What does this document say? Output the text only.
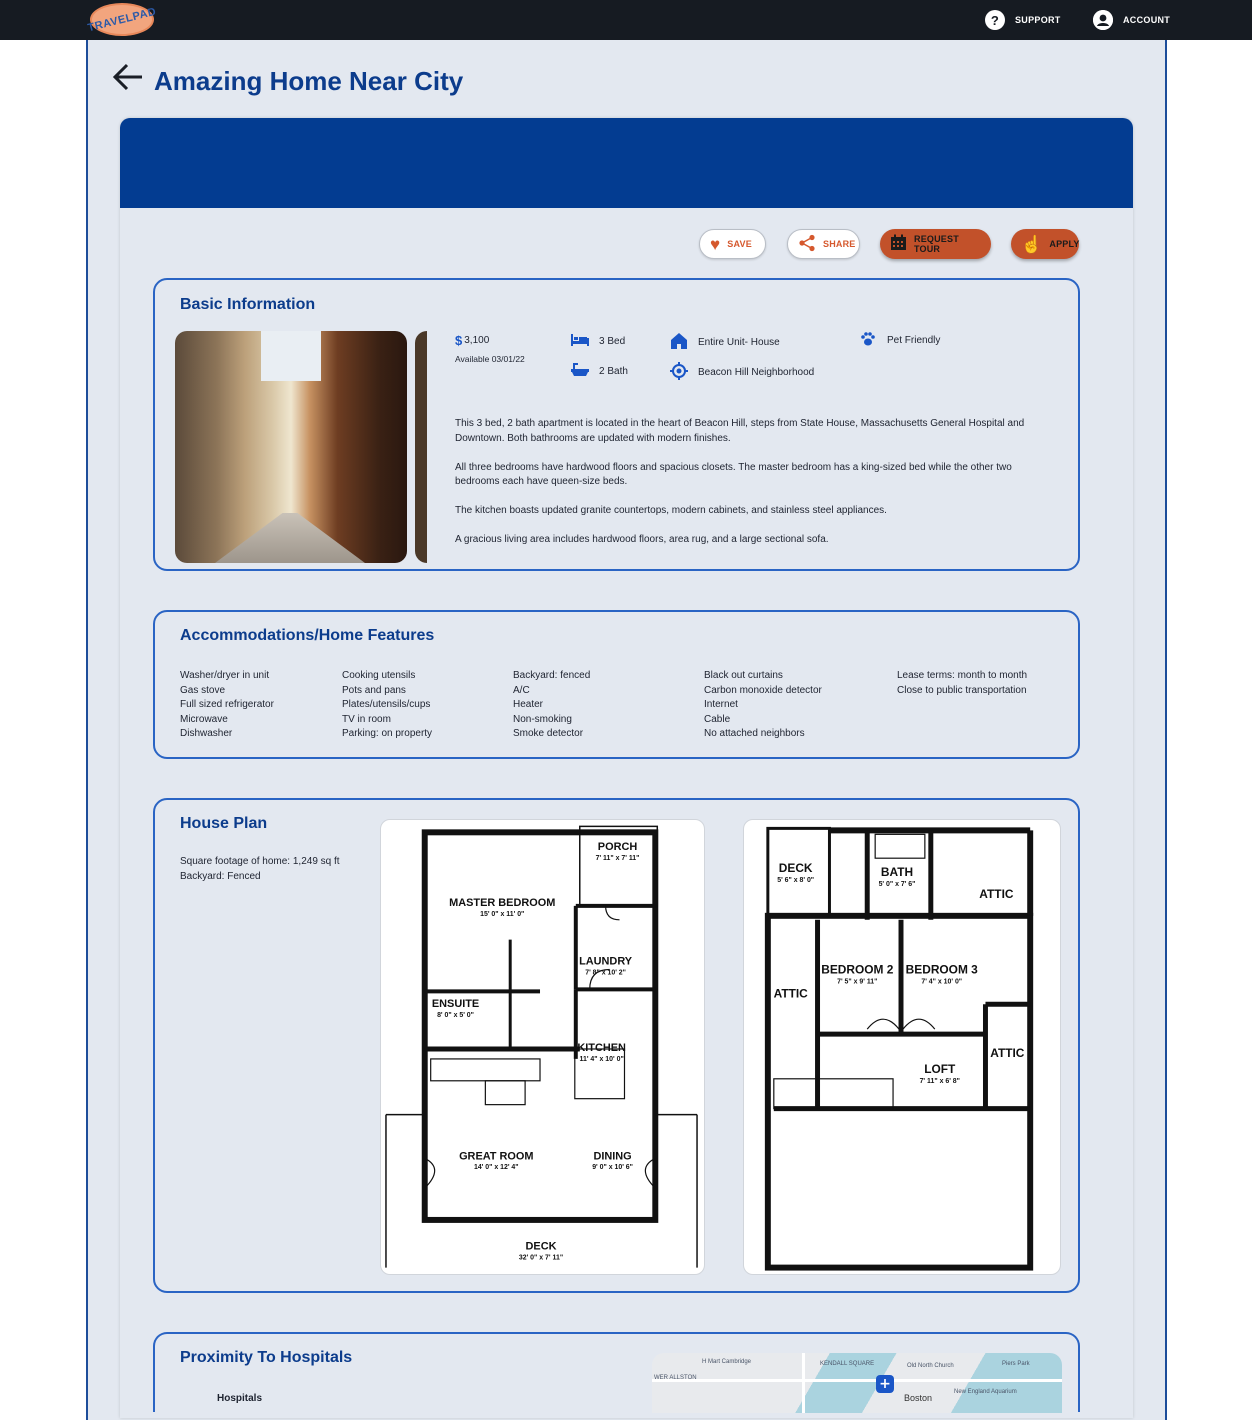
TRAVELPAD	?	SUPPORT	ACCOUNT
Amazing Home Near City
♥ SAVE	SHARE	REQUEST TOUR	☝ APPLY
Basic Information
$ 3,100
Available 03/01/22
3 Bed
2 Bath
Entire Unit- House
Beacon Hill Neighborhood
Pet Friendly

This 3 bed, 2 bath apartment is located in the heart of Beacon Hill, steps from State House, Massachusetts General Hospital and Downtown. Both bathrooms are updated with modern finishes.

All three bedrooms have hardwood floors and spacious closets. The master bedroom has a king-sized bed while the other two bedrooms each have queen-size beds.

The kitchen boasts updated granite countertops, modern cabinets, and stainless steel appliances.

A gracious living area includes hardwood floors, area rug, and a large sectional sofa.

Accommodations/Home Features
Washer/dryer in unit
Gas stove
Full sized refrigerator
Microwave
Dishwasher
Cooking utensils
Pots and pans
Plates/utensils/cups
TV in room
Parking: on property
Backyard: fenced
A/C
Heater
Non-smoking
Smoke detector
Black out curtains
Carbon monoxide detector
Internet
Cable
No attached neighbors
Lease terms: month to month
Close to public transportation
House Plan
Square footage of home: 1,249 sq ft
Backyard: Fenced
PORCH
7' 11" x 7' 11"
MASTER BEDROOM
15' 0" x 11' 0"
LAUNDRY
7' 8" x 10' 2"
ENSUITE
8' 0" x 5' 0"
KITCHEN
11' 4" x 10' 0"
GREAT ROOM
14' 0" x 12' 4"
DINING
9' 0" x 10' 6"
DECK
32' 0" x 7' 11"
DECK
5' 6" x 8' 0"
BATH
5' 0" x 7' 6"
ATTIC
BEDROOM 2
7' 5" x 9' 11"
BEDROOM 3
7' 4" x 10' 0"
ATTIC
ATTIC
LOFT
7' 11" x 6' 8"
Proximity To Hospitals
Hospitals
H Mart Cambridge	KENDALL SQUARE	Old North Church	Piers Park
WER ALLSTON
Boston
New England Aquarium
+
